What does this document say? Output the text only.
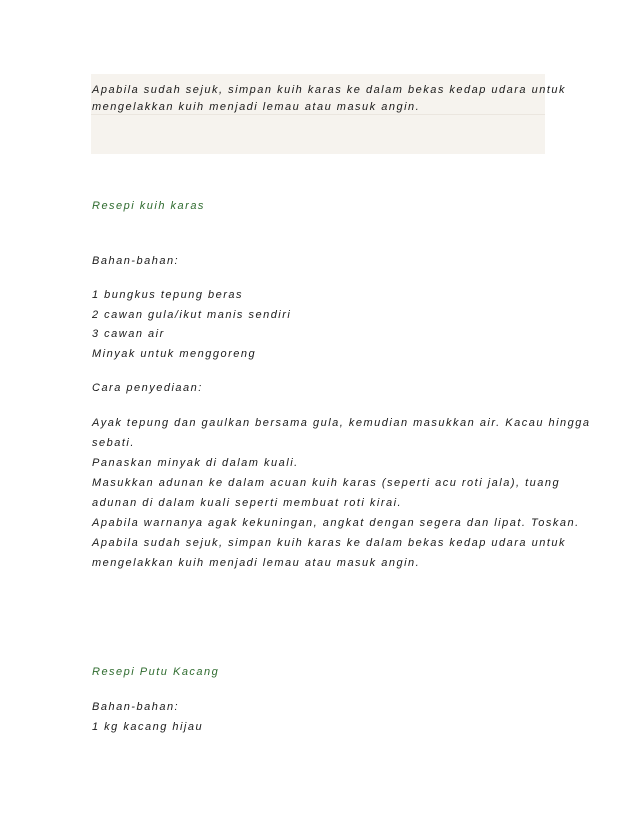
Apabila sudah sejuk, simpan kuih karas ke dalam bekas kedap udara untuk
mengelakkan kuih menjadi lemau atau masuk angin.
Resepi kuih karas
Bahan-bahan:
1 bungkus tepung beras
2 cawan gula/ikut manis sendiri
3 cawan air
Minyak untuk menggoreng
Cara penyediaan:
Ayak tepung dan gaulkan bersama gula, kemudian masukkan air. Kacau hingga
sebati.
Panaskan minyak di dalam kuali.
Masukkan adunan ke dalam acuan kuih karas (seperti acu roti jala), tuang
adunan di dalam kuali seperti membuat roti kirai.
Apabila warnanya agak kekuningan, angkat dengan segera dan lipat. Toskan.
Apabila sudah sejuk, simpan kuih karas ke dalam bekas kedap udara untuk
mengelakkan kuih menjadi lemau atau masuk angin.
Resepi Putu Kacang
Bahan-bahan:
1 kg kacang hijau
